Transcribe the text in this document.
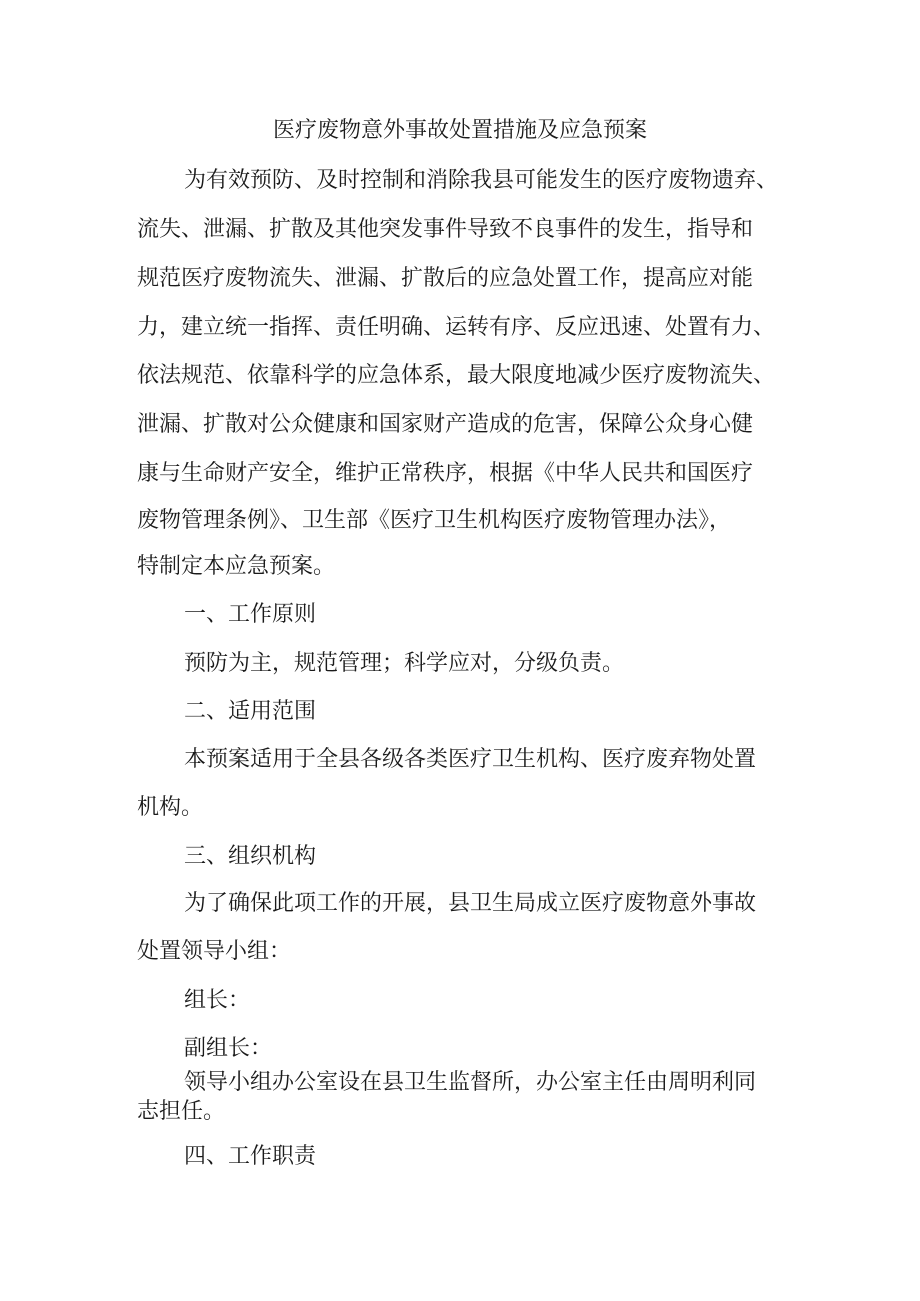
医疗废物意外事故处置措施及应急预案
为有效预防、及时控制和消除我县可能发生的医疗废物遗弃、
流失、泄漏、扩散及其他突发事件导致不良事件的发生，指导和
规范医疗废物流失、泄漏、扩散后的应急处置工作，提高应对能
力，建立统一指挥、责任明确、运转有序、反应迅速、处置有力、
依法规范、依靠科学的应急体系，最大限度地减少医疗废物流失、
泄漏、扩散对公众健康和国家财产造成的危害，保障公众身心健
康与生命财产安全，维护正常秩序，根据《中华人民共和国医疗
废物管理条例》、卫生部《医疗卫生机构医疗废物管理办法》，
特制定本应急预案。
一、工作原则
预防为主，规范管理；科学应对，分级负责。
二、适用范围
本预案适用于全县各级各类医疗卫生机构、医疗废弃物处置
机构。
三、组织机构
为了确保此项工作的开展，县卫生局成立医疗废物意外事故
处置领导小组：
组长：
副组长：
领导小组办公室设在县卫生监督所，办公室主任由周明利同
志担任。
四、工作职责
